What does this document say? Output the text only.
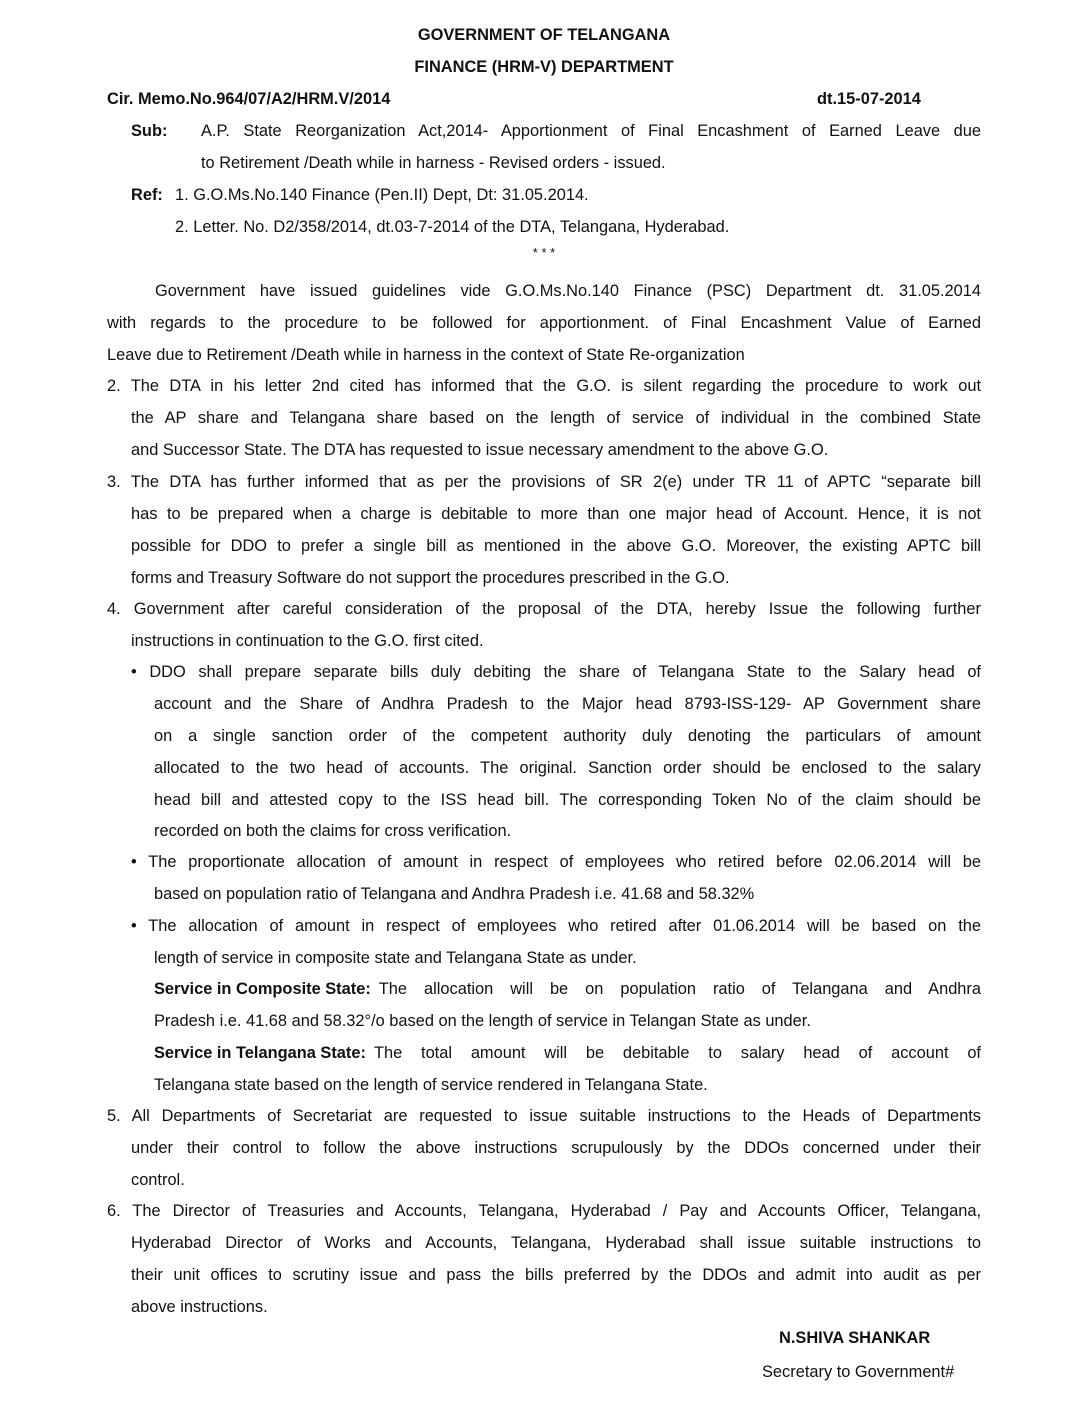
GOVERNMENT OF TELANGANA
FINANCE (HRM-V) DEPARTMENT
Cir. Memo.No.964/07/A2/HRM.V/2014	dt.15-07-2014
Sub: A.P. State Reorganization Act,2014- Apportionment of Final Encashment of Earned Leave due
to Retirement /Death while in harness - Revised orders - issued.
Ref: 1. G.O.Ms.No.140 Finance (Pen.II) Dept, Dt: 31.05.2014.
2. Letter. No. D2/358/2014, dt.03-7-2014 of the DTA, Telangana, Hyderabad.
* * *
Government have issued guidelines vide G.O.Ms.No.140 Finance (PSC) Department dt. 31.05.2014
with regards to the procedure to be followed for apportionment. of Final Encashment Value of Earned
Leave due to Retirement /Death while in harness in the context of State Re-organization
2. The DTA in his letter 2nd cited has informed that the G.O. is silent regarding the procedure to work out
the AP share and Telangana share based on the length of service of individual in the combined State
and Successor State. The DTA has requested to issue necessary amendment to the above G.O.
3. The DTA has further informed that as per the provisions of SR 2(e) under TR 11 of APTC “separate bill
has to be prepared when a charge is debitable to more than one major head of Account. Hence, it is not
possible for DDO to prefer a single bill as mentioned in the above G.O. Moreover, the existing APTC bill
forms and Treasury Software do not support the procedures prescribed in the G.O.
4. Government after careful consideration of the proposal of the DTA, hereby Issue the following further
instructions in continuation to the G.O. first cited.
• DDO shall prepare separate bills duly debiting the share of Telangana State to the Salary head of
account and the Share of Andhra Pradesh to the Major head 8793-ISS-129- AP Government share
on a single sanction order of the competent authority duly denoting the particulars of amount
allocated to the two head of accounts. The original. Sanction order should be enclosed to the salary
head bill and attested copy to the ISS head bill. The corresponding Token No of the claim should be
recorded on both the claims for cross verification.
• The proportionate allocation of amount in respect of employees who retired before 02.06.2014 will be
based on population ratio of Telangana and Andhra Pradesh i.e. 41.68 and 58.32%
• The allocation of amount in respect of employees who retired after 01.06.2014 will be based on the
length of service in composite state and Telangana State as under.
Service in Composite State: The allocation will be on population ratio of Telangana and Andhra
Pradesh i.e. 41.68 and 58.32°/o based on the length of service in Telangan State as under.
Service in Telangana State: The total amount will be debitable to salary head of account of
Telangana state based on the length of service rendered in Telangana State.
5. All Departments of Secretariat are requested to issue suitable instructions to the Heads of Departments
under their control to follow the above instructions scrupulously by the DDOs concerned under their
control.
6. The Director of Treasuries and Accounts, Telangana, Hyderabad / Pay and Accounts Officer, Telangana,
Hyderabad Director of Works and Accounts, Telangana, Hyderabad shall issue suitable instructions to
their unit offices to scrutiny issue and pass the bills preferred by the DDOs and admit into audit as per
above instructions.
N.SHIVA SHANKAR
Secretary to Government#
